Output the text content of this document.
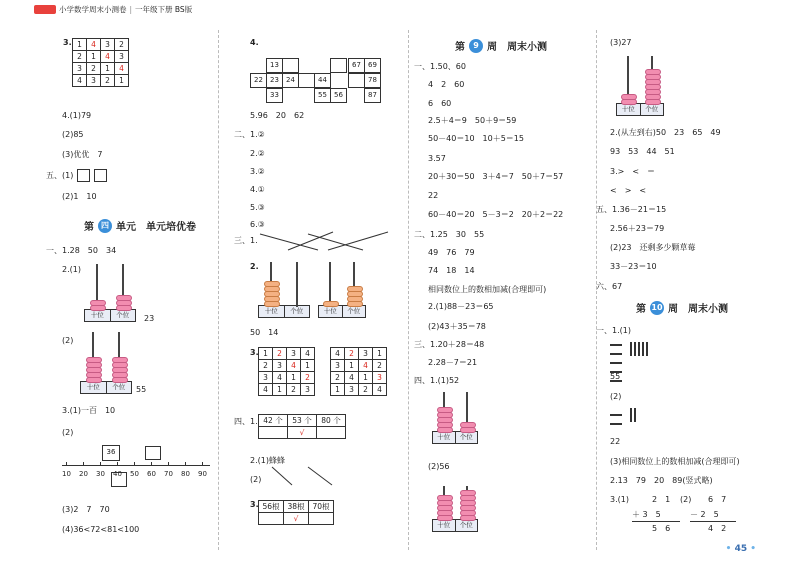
小学数学周末小测卷 | 一年级下册 BS版
3. 1	4	3	2
2	1	4	3
3	2	1	4
4	3	2	1
4.(1)79
(2)85
(3)优优　7
五、(1)
(2)1　10
第 四 单元　单元培优卷
一、1.28　50　34
2.(1)
十位	个位	23
(2)
十位	个位	55
3.(1)一百　10
(2)
36
10 20 30 40 50 60 70 80 90
(3)2　7　70
(4)36<72<81<100
4.
13
22	23	24	44
33
67	69
78
55	56	87
5.96　20　62
二、1.②
2.②
3.②
4.①
5.③
6.③
三、1.
2.
十位	个位	十位	个位
50　14
3. 1	2	3	4
2	3	4	1
3	4	1	2
4	1	2	3
4	2	3	1
3	1	4	2
2	4	1	3
1	3	2	4
四、1. 42 个	53 个	80 个
	√	
2.(1)蜂蜂
(2)
3. 56根	38根	70根
	√	
第	9 周　周末小测
一、1.50、60
4　2　60
6　60
2.5＋4＝9　50＋9＝59
50－40＝10　10＋5＝15
3.57
20＋30＝50　3＋4＝7　50＋7＝57
22
60－40＝20　5－3＝2　20＋2＝22
二、1.25　30　55
49　76　79
74　18　14
相同数位上的数相加减(合理即可)
2.(1)88－23＝65
(2)43＋35＝78
三、1.20＋28＝48
2.28－7＝21
四、1.(1)52
(2)56
十位	个位
十位	个位
(3)27
十位	个位
2.(从左到右)50　23　65　49
93　53　44　51
3.>　<　＝
<　>　<
五、1.36－21＝15
2.56＋23＝79
(2)23　还剩多少颗草莓
33－23＝10
六、67
第 10 周　周末小测
一、1.(1)
55
(2)
22
(3)相同数位上的数相加减(合理即可)
2.13　79　20　89(竖式略)
3.(1)	2　1
＋ 3　5
5　6
(2) 6　7
－ 2　5
4　2
• 45 •
